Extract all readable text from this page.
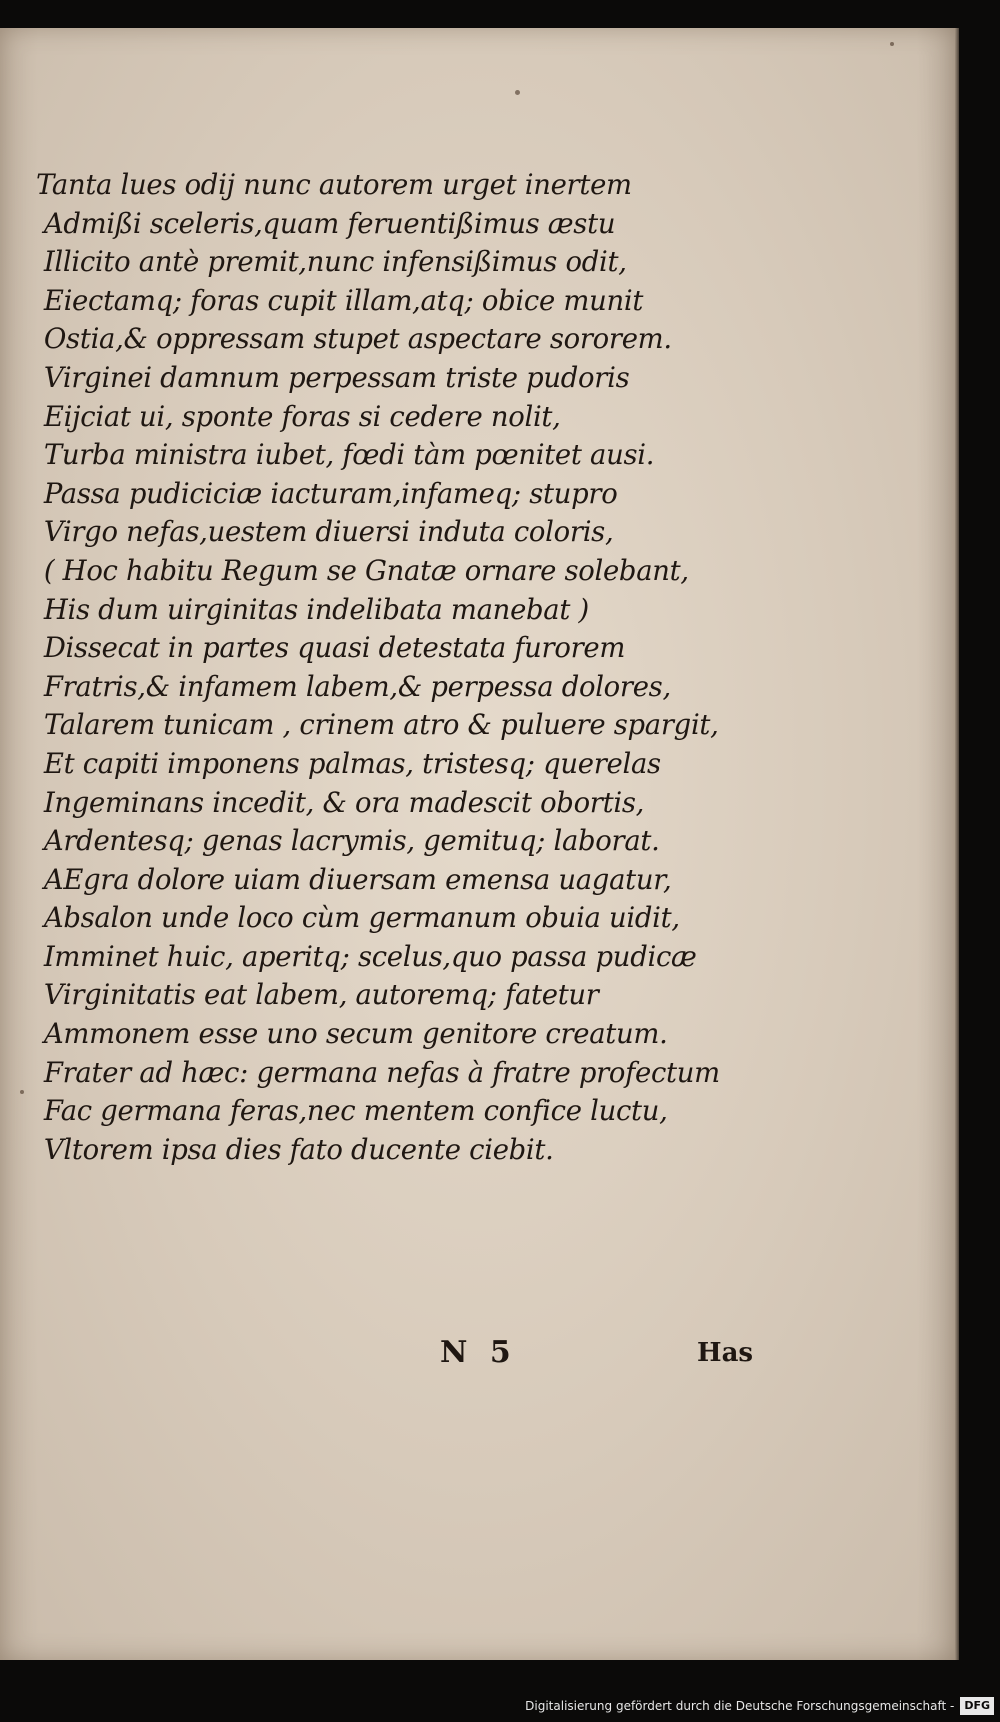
Tanta lues odij nunc autorem urget inertem
Admißi sceleris,quam feruentißimus æstu
Illicito antè premit,nunc infensißimus odit,
Eiectamq; foras cupit illam,atq; obice munit
Ostia,& oppressam stupet aspectare sororem.
Virginei damnum perpessam triste pudoris
Eijciat ui, sponte foras si cedere nolit,
Turba ministra iubet, fœdi tàm pœnitet ausi.
Passa pudiciciæ iacturam,infameq; stupro
Virgo nefas,uestem diuersi induta coloris,
( Hoc habitu Regum se Gnatæ ornare solebant,
His dum uirginitas indelibata manebat )
Dissecat in partes quasi detestata furorem
Fratris,& infamem labem,& perpessa dolores,
Talarem tunicam , crinem atro & puluere spargit,
Et capiti imponens palmas, tristesq; querelas
Ingeminans incedit, & ora madescit obortis,
Ardentesq; genas lacrymis, gemituq; laborat.
AEgra dolore uiam diuersam emensa uagatur,
Absalon unde loco cùm germanum obuia uidit,
Imminet huic, aperitq; scelus,quo passa pudicæ
Virginitatis eat labem, autoremq; fatetur
Ammonem esse uno secum genitore creatum.
Frater ad hæc: germana nefas à fratre profectum
Fac germana feras,nec mentem confice luctu,
Vltorem ipsa dies fato ducente ciebit.
N 5	Has
Digitalisierung gefördert durch die Deutsche Forschungsgemeinschaft - DFG
